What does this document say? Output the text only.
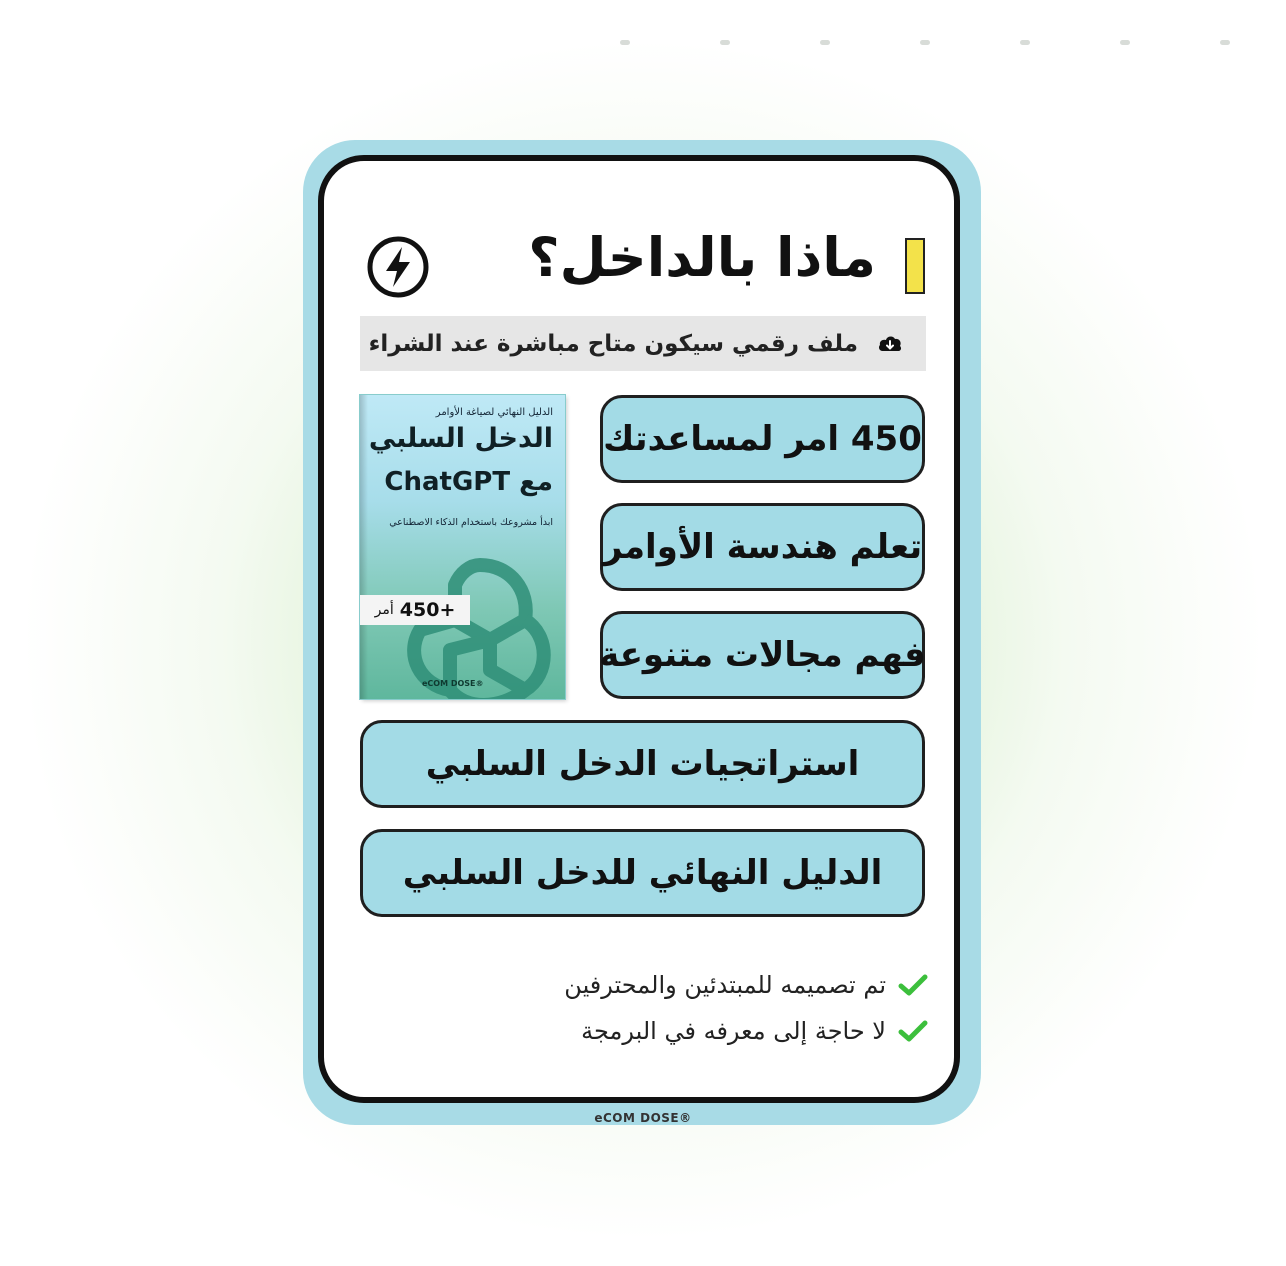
ماذا بالداخل؟
ملف رقمي سيكون متاح مباشرة عند الشراء
الدليل النهائي لصياغة الأوامر
الدخل السلبي
مع ChatGPT
ابدأ مشروعك باستخدام الذكاء الاصطناعي
+450
أمر
eCOM DOSE®
450 امر لمساعدتك
تعلم هندسة الأوامر
فهم مجالات متنوعة
استراتجيات الدخل السلبي
الدليل النهائي للدخل السلبي
تم تصميمه للمبتدئين والمحترفين
لا حاجة إلى معرفه في البرمجة
eCOM DOSE®
